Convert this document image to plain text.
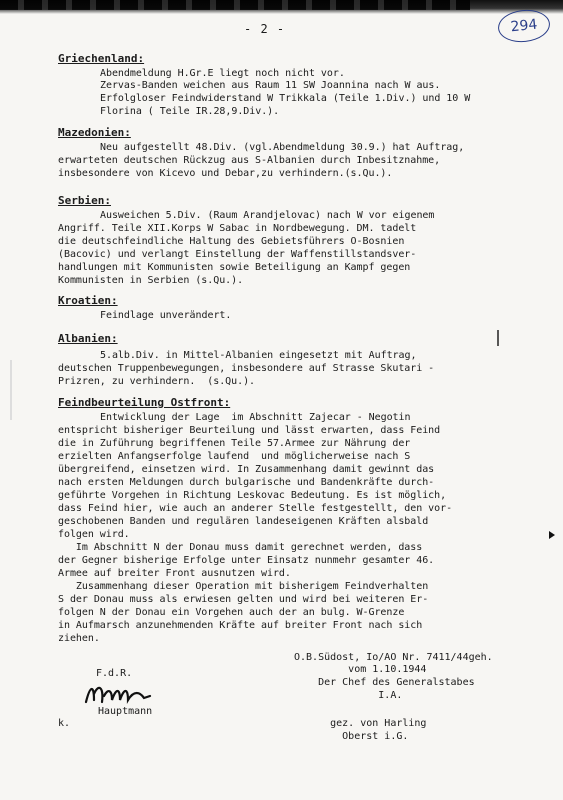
- 2 -	294
Griechenland:
Abendmeldung H.Gr.E liegt noch nicht vor.
Zervas-Banden weichen aus Raum 11 SW Joannina nach W aus.
Erfolgloser Feindwiderstand W Trikkala (Teile 1.Div.) und 10 W
Florina ( Teile IR.28,9.Div.).
Mazedonien:
Neu aufgestellt 48.Div. (vgl.Abendmeldung 30.9.) hat Auftrag,
erwarteten deutschen Rückzug aus S-Albanien durch Inbesitznahme,
insbesondere von Kicevo und Debar,zu verhindern.(s.Qu.).
Serbien:
Ausweichen 5.Div. (Raum Arandjelovac) nach W vor eigenem
Angriff. Teile XII.Korps W Sabac in Nordbewegung. DM. tadelt
die deutschfeindliche Haltung des Gebietsführers O-Bosnien
(Bacovic) und verlangt Einstellung der Waffenstillstandsver-
handlungen mit Kommunisten sowie Beteiligung an Kampf gegen
Kommunisten in Serbien (s.Qu.).
Kroatien:
Feindlage unverändert.
Albanien:
5.alb.Div. in Mittel-Albanien eingesetzt mit Auftrag,
deutschen Truppenbewegungen, insbesondere auf Strasse Skutari -
Prizren, zu verhindern.  (s.Qu.).
Feindbeurteilung Ostfront:
Entwicklung der Lage  im Abschnitt Zajecar - Negotin
entspricht bisheriger Beurteilung und lässt erwarten, dass Feind
die in Zuführung begriffenen Teile 57.Armee zur Nährung der
erzielten Anfangserfolge laufend  und möglicherweise nach S
übergreifend, einsetzen wird. In Zusammenhang damit gewinnt das
nach ersten Meldungen durch bulgarische und Bandenkräfte durch-
geführte Vorgehen in Richtung Leskovac Bedeutung. Es ist möglich,
dass Feind hier, wie auch an anderer Stelle festgestellt, den vor-
geschobenen Banden und regulären landeseigenen Kräften alsbald
folgen wird.
Im Abschnitt N der Donau muss damit gerechnet werden, dass
der Gegner bisherige Erfolge unter Einsatz nunmehr gesamter 46.
Armee auf breiter Front ausnutzen wird.
Zusammenhang dieser Operation mit bisherigem Feindverhalten
S der Donau muss als erwiesen gelten und wird bei weiteren Er-
folgen N der Donau ein Vorgehen auch der an bulg. W-Grenze
in Aufmarsch anzunehmenden Kräfte auf breiter Front nach sich
ziehen.
O.B.Südost, Io/AO Nr. 7411/44geh.
vom 1.10.1944
Der Chef des Generalstabes
I.A.
gez. von Harling
Oberst i.G.
F.d.R.
Hauptmann
k.
